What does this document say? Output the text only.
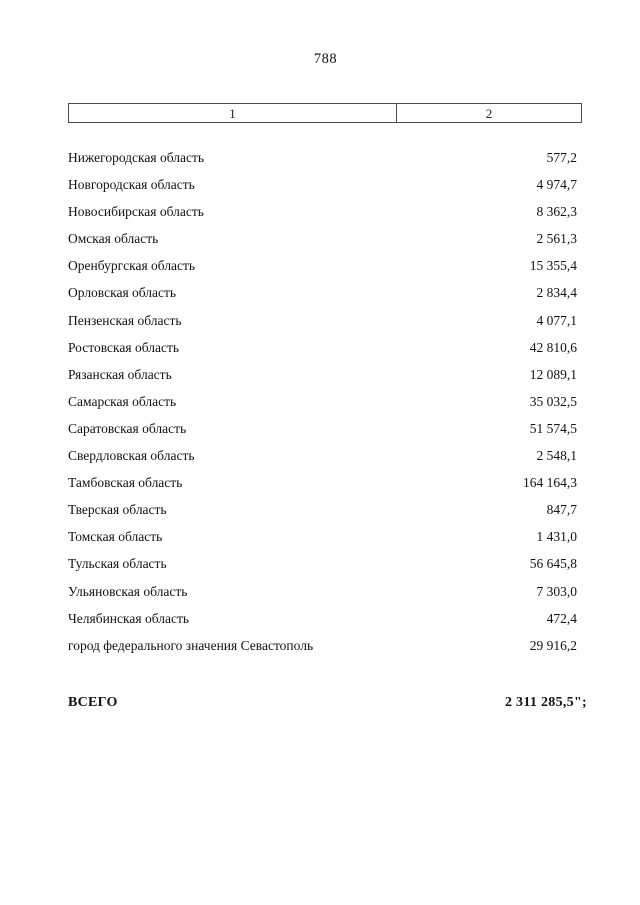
788
1	2
Нижегородская область	577,2
Новгородская область	4 974,7
Новосибирская область	8 362,3
Омская область	2 561,3
Оренбургская область	15 355,4
Орловская область	2 834,4
Пензенская область	4 077,1
Ростовская область	42 810,6
Рязанская область	12 089,1
Самарская область	35 032,5
Саратовская область	51 574,5
Свердловская область	2 548,1
Тамбовская область	164 164,3
Тверская область	847,7
Томская область	1 431,0
Тульская область	56 645,8
Ульяновская область	7 303,0
Челябинская область	472,4
город федерального значения Севастополь	29 916,2
ВСЕГО	2 311 285,5";
